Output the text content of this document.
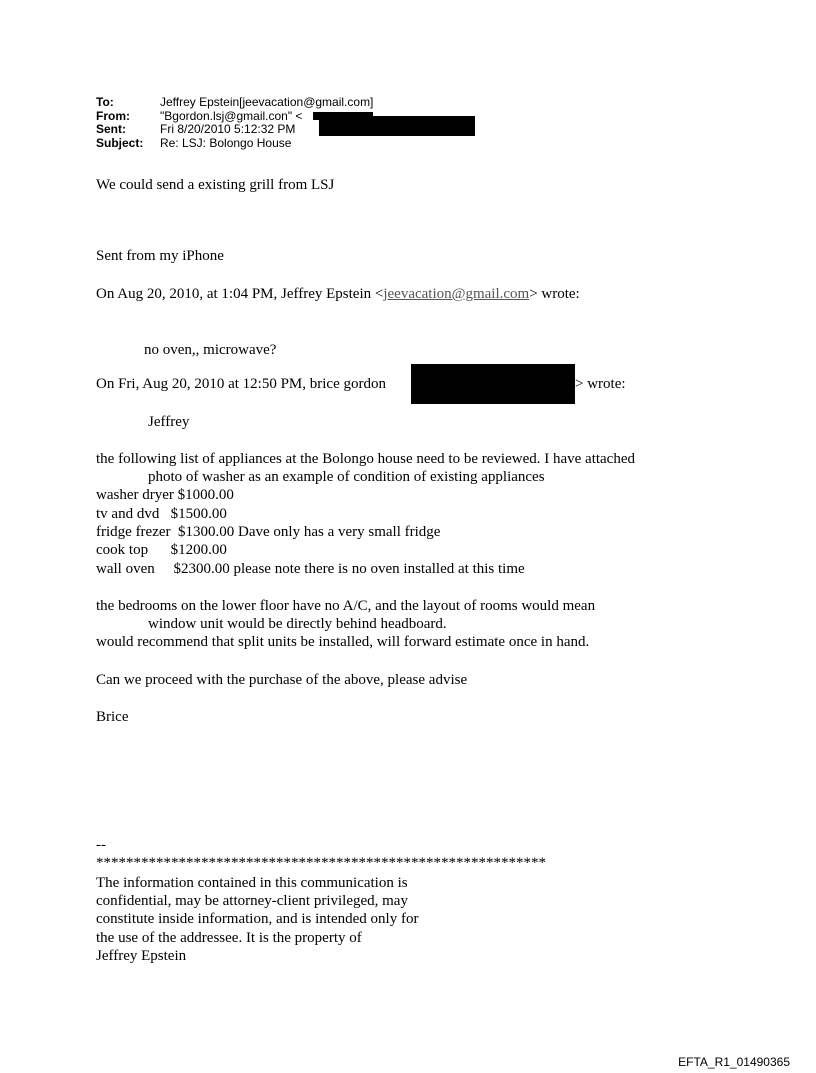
To:	Jeffrey Epstein[jeevacation@gmail.com]
From:	"Bgordon.lsj@gmail.con" <
Sent:	Fri 8/20/2010 5:12:32 PM
Subject: Re: LSJ: Bolongo House
We could send a existing grill from LSJ
Sent from my iPhone
On Aug 20, 2010, at 1:04 PM, Jeffrey Epstein <jeevacation@gmail.com> wrote:
no oven,, microwave?
On Fri, Aug 20, 2010 at 12:50 PM, brice gordon	> wrote:
Jeffrey
the following list of appliances at the Bolongo house need to be reviewed. I have attached
photo of washer as an example of condition of existing appliances
washer dryer $1000.00
tv and dvd   $1500.00
fridge frezer  $1300.00 Dave only has a very small fridge
cook top      $1200.00
wall oven     $2300.00 please note there is no oven installed at this time
the bedrooms on the lower floor have no A/C, and the layout of rooms would mean
window unit would be directly behind headboard.
would recommend that split units be installed, will forward estimate once in hand.
Can we proceed with the purchase of the above, please advise
Brice
--
************************************************************
The information contained in this communication is
confidential, may be attorney-client privileged, may
constitute inside information, and is intended only for
the use of the addressee. It is the property of
Jeffrey Epstein
EFTA_R1_01490365
